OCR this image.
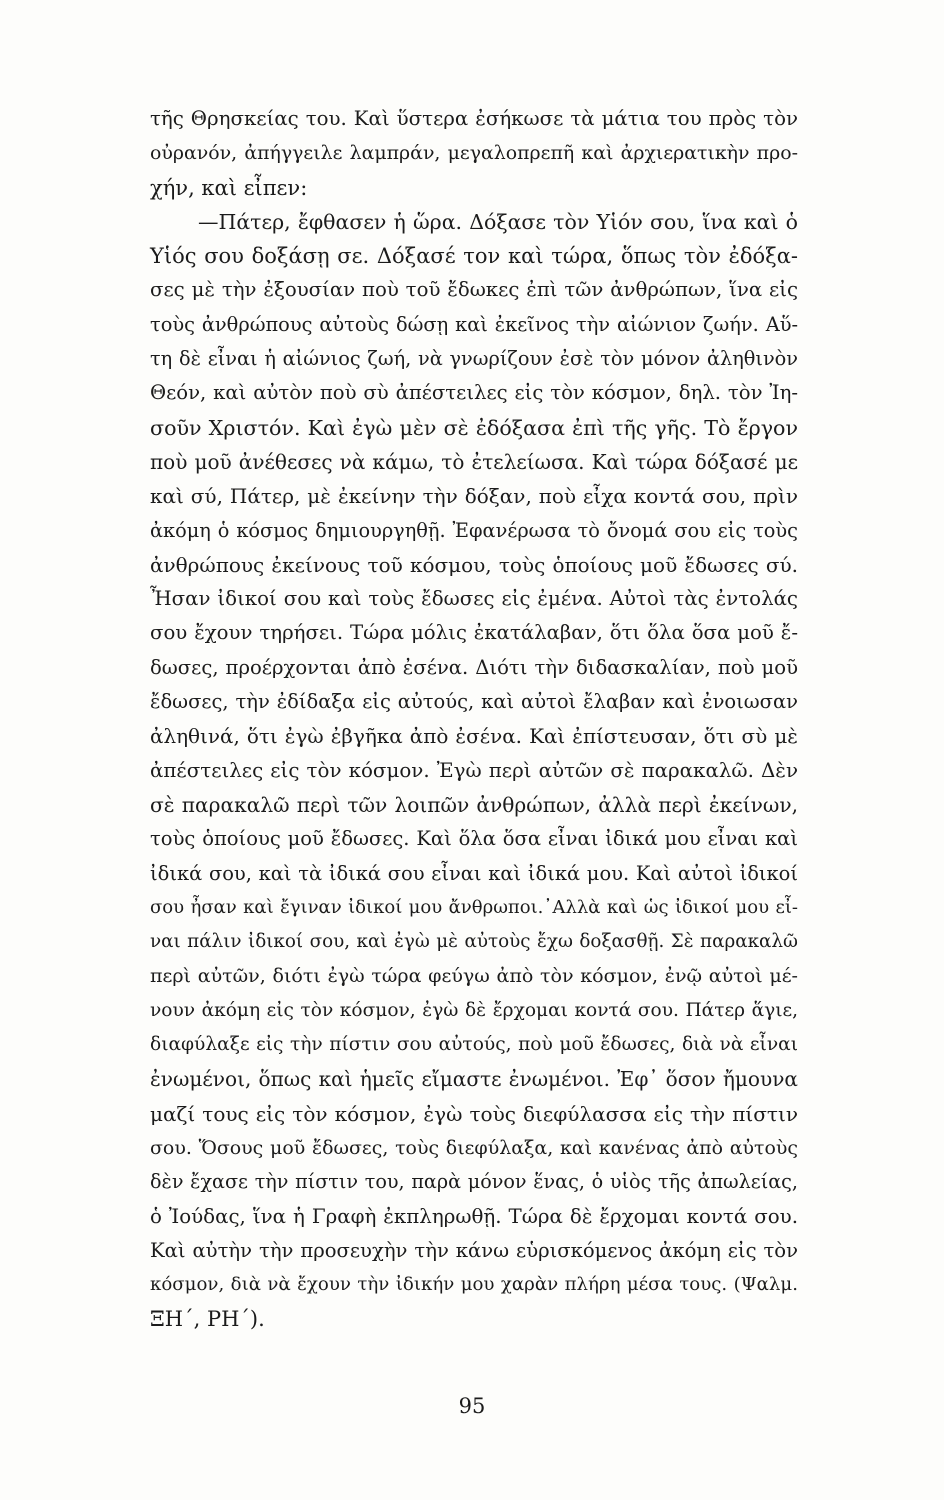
τῆς Θρησκείας του. Καὶ ὕστερα ἐσήκωσε τὰ μάτια του πρὸς τὸν
οὐρανόν, ἀπήγγειλε λαμπράν, μεγαλοπρεπῆ καὶ ἀρχιερατικὴν προ-
χήν, καὶ εἶπεν:
—Πάτερ, ἔφθασεν ἡ ὥρα. Δόξασε τὸν Υἱόν σου, ἵνα καὶ ὁ
Υἱός σου δοξάσῃ σε. Δόξασέ τον καὶ τώρα, ὅπως τὸν ἐδόξα-
σες μὲ τὴν ἐξουσίαν ποὺ τοῦ ἔδωκες ἐπὶ τῶν ἀνθρώπων, ἵνα εἰς
τοὺς ἀνθρώπους αὐτοὺς δώσῃ καὶ ἐκεῖνος τὴν αἰώνιον ζωήν. Αὕ-
τη δὲ εἶναι ἡ αἰώνιος ζωή, νὰ γνωρίζουν ἐσὲ τὸν μόνον ἀληθινὸν
Θεόν, καὶ αὐτὸν ποὺ σὺ ἀπέστειλες εἰς τὸν κόσμον, δηλ. τὸν Ἰη-
σοῦν Χριστόν. Καὶ ἐγὼ μὲν σὲ ἐδόξασα ἐπὶ τῆς γῆς. Τὸ ἔργον
ποὺ μοῦ ἀνέθεσες νὰ κάμω, τὸ ἐτελείωσα. Καὶ τώρα δόξασέ με
καὶ σύ, Πάτερ, μὲ ἐκείνην τὴν δόξαν, ποὺ εἶχα κοντά σου, πρὶν
ἀκόμη ὁ κόσμος δημιουργηθῇ. Ἐφανέρωσα τὸ ὄνομά σου εἰς τοὺς
ἀνθρώπους ἐκείνους τοῦ κόσμου, τοὺς ὁποίους μοῦ ἔδωσες σύ.
Ἦσαν ἰδικοί σου καὶ τοὺς ἔδωσες εἰς ἐμένα. Αὐτοὶ τὰς ἐντολάς
σου ἔχουν τηρήσει. Τώρα μόλις ἐκατάλαβαν, ὅτι ὅλα ὅσα μοῦ ἔ-
δωσες, προέρχονται ἀπὸ ἐσένα. Διότι τὴν διδασκαλίαν, ποὺ μοῦ
ἔδωσες, τὴν ἐδίδαξα εἰς αὐτούς, καὶ αὐτοὶ ἔλαβαν καὶ ἐνοιωσαν
ἀληθινά, ὅτι ἐγὼ ἐβγῆκα ἀπὸ ἐσένα. Καὶ ἐπίστευσαν, ὅτι σὺ μὲ
ἀπέστειλες εἰς τὸν κόσμον. Ἐγὼ περὶ αὐτῶν σὲ παρακαλῶ. Δὲν
σὲ παρακαλῶ περὶ τῶν λοιπῶν ἀνθρώπων, ἀλλὰ περὶ ἐκείνων,
τοὺς ὁποίους μοῦ ἔδωσες. Καὶ ὅλα ὅσα εἶναι ἰδικά μου εἶναι καὶ
ἰδικά σου, καὶ τὰ ἰδικά σου εἶναι καὶ ἰδικά μου. Καὶ αὐτοὶ ἰδικοί
σου ἦσαν καὶ ἔγιναν ἰδικοί μου ἄνθρωποι.᾿Αλλὰ καὶ ὡς ἰδικοί μου εἶ-
ναι πάλιν ἰδικοί σου, καὶ ἐγὼ μὲ αὐτοὺς ἔχω δοξασθῇ. Σὲ παρακαλῶ
περὶ αὐτῶν, διότι ἐγὼ τώρα φεύγω ἀπὸ τὸν κόσμον, ἐνῷ αὐτοὶ μέ-
νουν ἀκόμη εἰς τὸν κόσμον, ἐγὼ δὲ ἔρχομαι κοντά σου. Πάτερ ἅγιε,
διαφύλαξε εἰς τὴν πίστιν σου αὐτούς, ποὺ μοῦ ἔδωσες, διὰ νὰ εἶναι
ἐνωμένοι, ὅπως καὶ ἡμεῖς εἴμαστε ἐνωμένοι. Ἐφ᾿ ὅσον ἤμουνα
μαζί τους εἰς τὸν κόσμον, ἐγὼ τοὺς διεφύλασσα εἰς τὴν πίστιν
σου. Ὅσους μοῦ ἔδωσες, τοὺς διεφύλαξα, καὶ κανένας ἀπὸ αὐτοὺς
δὲν ἔχασε τὴν πίστιν του, παρὰ μόνον ἕνας, ὁ υἱὸς τῆς ἀπωλείας,
ὁ Ἰούδας, ἵνα ἡ Γραφὴ ἐκπληρωθῇ. Τώρα δὲ ἔρχομαι κοντά σου.
Καὶ αὐτὴν τὴν προσευχὴν τὴν κάνω εὑρισκόμενος ἀκόμη εἰς τὸν
κόσμον, διὰ νὰ ἔχουν τὴν ἰδικήν μου χαρὰν πλήρη μέσα τους. (Ψαλμ.
ΞΗ΄, ΡΗ΄).
95
